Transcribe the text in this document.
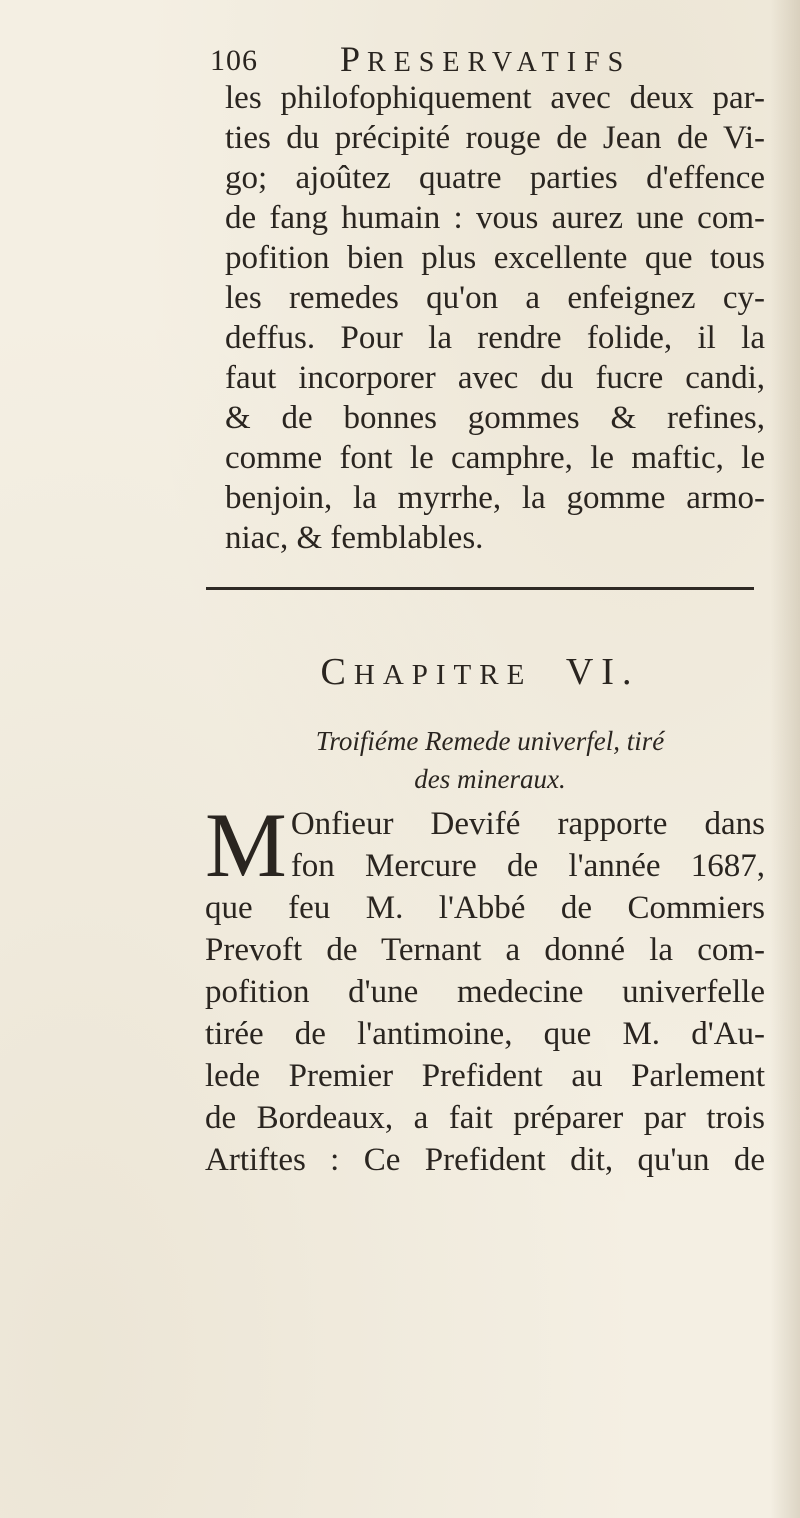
106 PRESERVATIFS
les philofophiquement avec deux par-
ties du précipité rouge de Jean de Vi-
go; ajoûtez quatre parties d'effence
de fang humain : vous aurez une com-
pofition bien plus excellente que tous
les remedes qu'on a enfeignez cy-
deffus. Pour la rendre folide, il la
faut incorporer avec du fucre candi,
& de bonnes gommes & refines,
comme font le camphre, le maftic, le
benjoin, la myrrhe, la gomme armo-
niac, & femblables.
CHAPITRE VI.
Troifiéme Remede univerfel, tiré
des mineraux.
M Onfieur Devifé rapporte dans
fon Mercure de l'année 1687,
que feu M. l'Abbé de Commiers
Prevoft de Ternant a donné la com-
pofition d'une medecine univerfelle
tirée de l'antimoine, que M. d'Au-
lede Premier Prefident au Parlement
de Bordeaux, a fait préparer par trois
Artiftes : Ce Prefident dit, qu'un de
